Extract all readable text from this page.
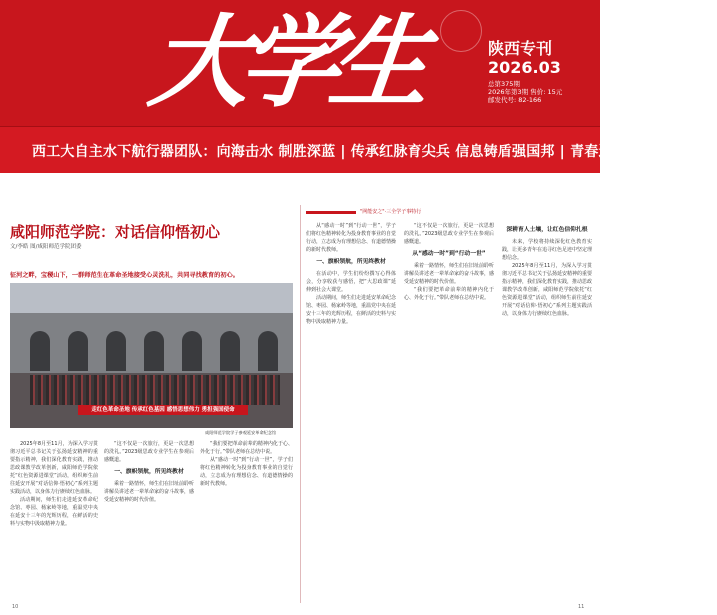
大学生	陕西专刊
2026.03
总第375期
2026年第3期 售价: 15元
邮发代号: 82-166
西工大自主水下航行器团队：向海击水 制胜深蓝 | 传承红脉育尖兵 信息铸盾强国邦 | 青春返家乡 筑梦正当时
咸阳师范学院：对话信仰悟初心
文/李皓 图/咸阳师范学院团委
征河之畔，宝稷山下，一群师范生在革命圣地接受心灵洗礼，共同寻找教育的初心。
走红色革命圣地 传承红色基因 感悟思想伟力 勇担强国使命
咸阳师范学院学子参观延安革命纪念馆

2025年8月至11月，为深入学习贯彻习近平总书记关于弘扬延安精神的重要指示精神，我们深化教育实践，推动思政课教学改革创新，咸阳师范学院依托“红色资源进课堂”活动，组织师生前往延安开展“对话信仰·悟初心”系列主题实践活动，以身体力行赓续红色血脉。

活动期间，师生们走进延安革命纪念馆、枣园、杨家岭等地，重温党中央在延安十三年的光辉历程，在鲜活的史料与实物中汲取精神力量。

“这不仅是一次旅行，更是一次思想的洗礼。”2023级思政专业学生在参观后感慨道。

一、旗帜领航，所见终教材

乘着一路情怀，师生们在旧址前聆听讲解员讲述老一辈革命家的奋斗故事，感受延安精神的时代价值。

“我们要把革命前辈的精神内化于心、外化于行。”带队老师在总结中说。

从“感动一时”到“行动一世”，学子们将红色精神转化为投身教育事业的自觉行动，立志成为有理想信念、有道德情操的新时代教师。

"网能安之"·三全学子事特行

从“感动一时”到“行动一世”，学子们将红色精神转化为投身教育事业的自觉行动，立志成为有理想信念、有道德情操的新时代教师。

一、旗帜领航，所见终教材

在活动中，学生们纷纷撰写心得体会，分享收获与感悟，把“大思政课”延伸到社会大课堂。

活动期间，师生们走进延安革命纪念馆、枣园、杨家岭等地，重温党中央在延安十三年的光辉历程，在鲜活的史料与实物中汲取精神力量。

“这不仅是一次旅行，更是一次思想的洗礼。”2023级思政专业学生在参观后感慨道。

从“感动一时”到“行动一世”

乘着一路情怀，师生们在旧址前聆听讲解员讲述老一辈革命家的奋斗故事，感受延安精神的时代价值。

“我们要把革命前辈的精神内化于心、外化于行。”带队老师在总结中说。

深耕育人土壤，让红色信仰扎根

未来，学校将持续深化红色教育实践，让更多青年在追寻红色足迹中坚定理想信念。

2025年8月至11月，为深入学习贯彻习近平总书记关于弘扬延安精神的重要指示精神，我们深化教育实践，推动思政课教学改革创新，咸阳师范学院依托“红色资源进课堂”活动，组织师生前往延安开展“对话信仰·悟初心”系列主题实践活动，以身体力行赓续红色血脉。

10	11
